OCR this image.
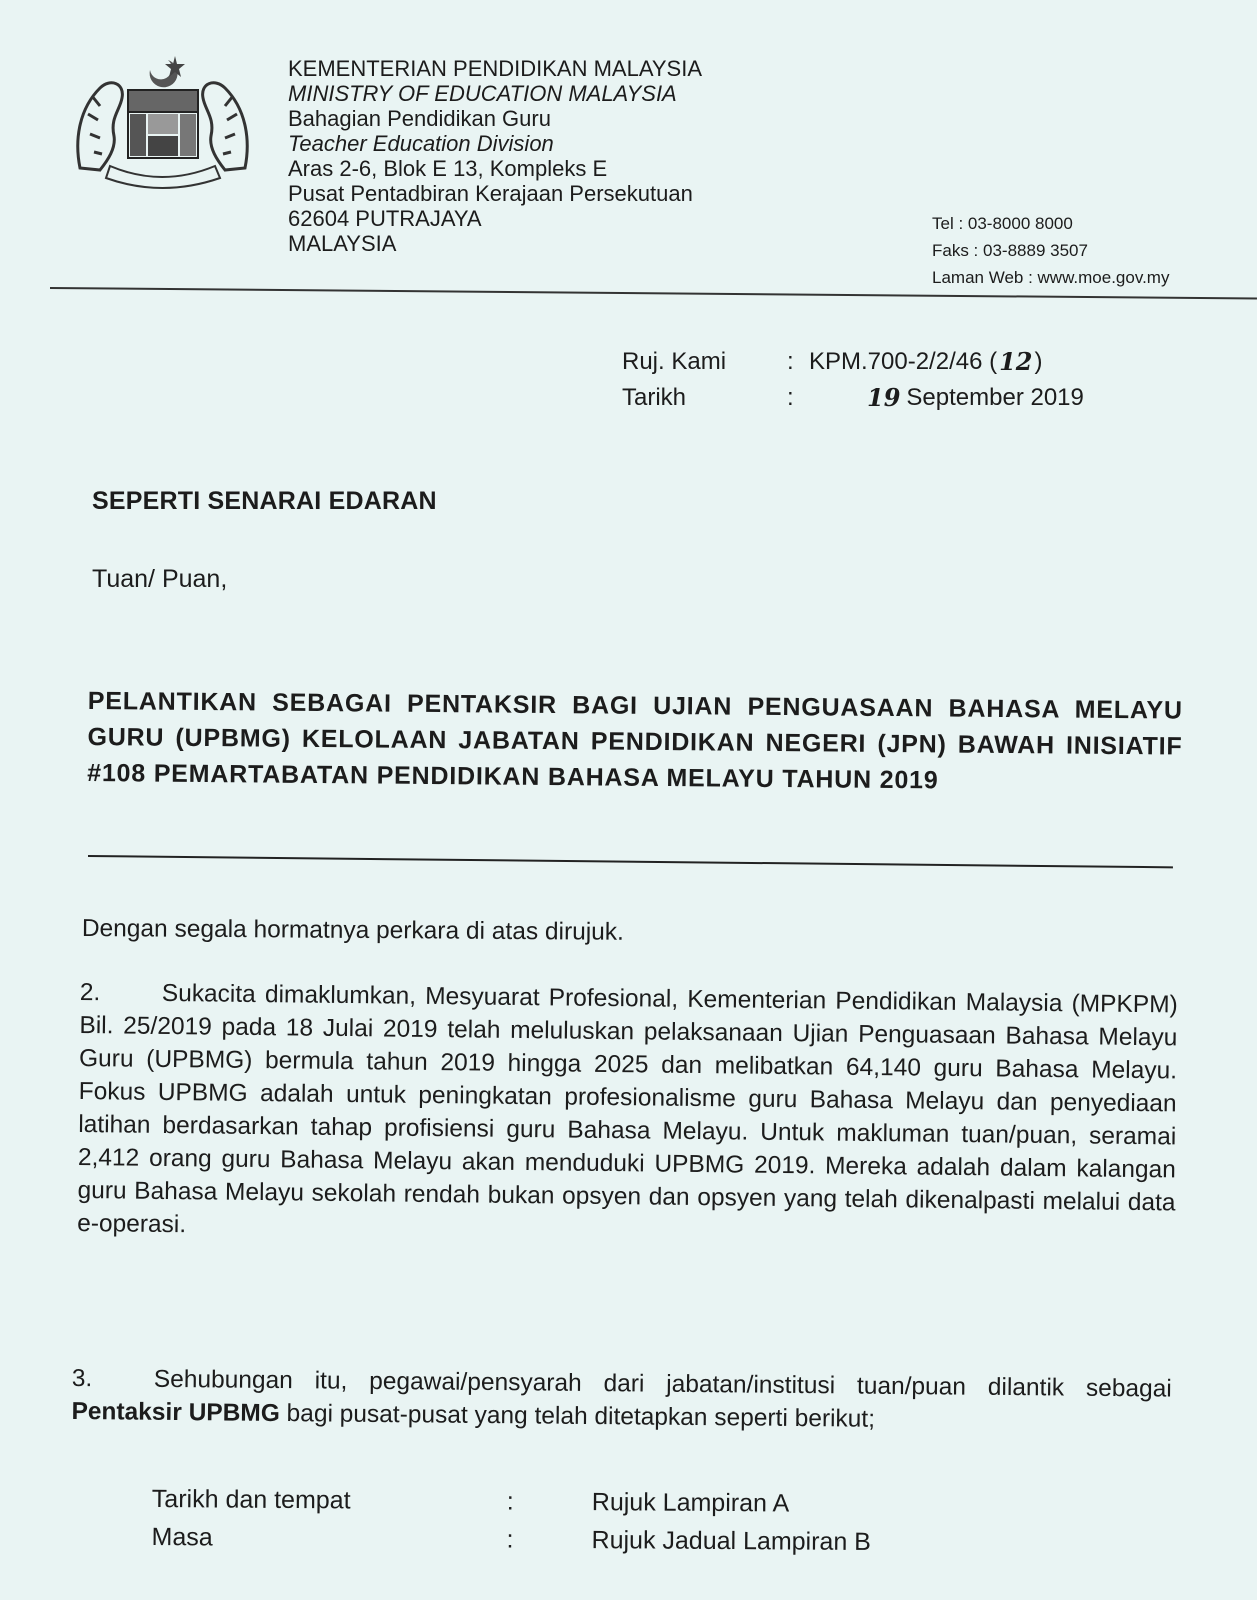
KEMENTERIAN PENDIDIKAN MALAYSIA
MINISTRY OF EDUCATION MALAYSIA
Bahagian Pendidikan Guru
Teacher Education Division
Aras 2-6, Blok E 13, Kompleks E
Pusat Pentadbiran Kerajaan Persekutuan
62604 PUTRAJAYA
MALAYSIA
Tel : 03-8000 8000
Faks : 03-8889 3507
Laman Web : www.moe.gov.my
Ruj. Kami	: KPM.700-2/2/46 ( 12 )
Tarikh	:	19 September 2019
SEPERTI SENARAI EDARAN
Tuan/ Puan,
PELANTIKAN SEBAGAI PENTAKSIR BAGI UJIAN PENGUASAAN BAHASA MELAYU GURU (UPBMG) KELOLAAN JABATAN PENDIDIKAN NEGERI (JPN) BAWAH INISIATIF #108 PEMARTABATAN PENDIDIKAN BAHASA MELAYU TAHUN 2019
Dengan segala hormatnya perkara di atas dirujuk.
2.	Sukacita dimaklumkan, Mesyuarat Profesional, Kementerian Pendidikan Malaysia (MPKPM) Bil. 25/2019 pada 18 Julai 2019 telah meluluskan pelaksanaan Ujian Penguasaan Bahasa Melayu Guru (UPBMG) bermula tahun 2019 hingga 2025 dan melibatkan 64,140 guru Bahasa Melayu. Fokus UPBMG adalah untuk peningkatan profesionalisme guru Bahasa Melayu dan penyediaan latihan berdasarkan tahap profisiensi guru Bahasa Melayu. Untuk makluman tuan/puan, seramai 2,412 orang guru Bahasa Melayu akan menduduki UPBMG 2019. Mereka adalah dalam kalangan guru Bahasa Melayu sekolah rendah bukan opsyen dan opsyen yang telah dikenalpasti melalui data e-operasi.
3.	Sehubungan itu, pegawai/pensyarah dari jabatan/institusi tuan/puan dilantik sebagai Pentaksir UPBMG bagi pusat-pusat yang telah ditetapkan seperti berikut;
Tarikh dan tempat	:	Rujuk Lampiran A
Masa	:	Rujuk Jadual Lampiran B
